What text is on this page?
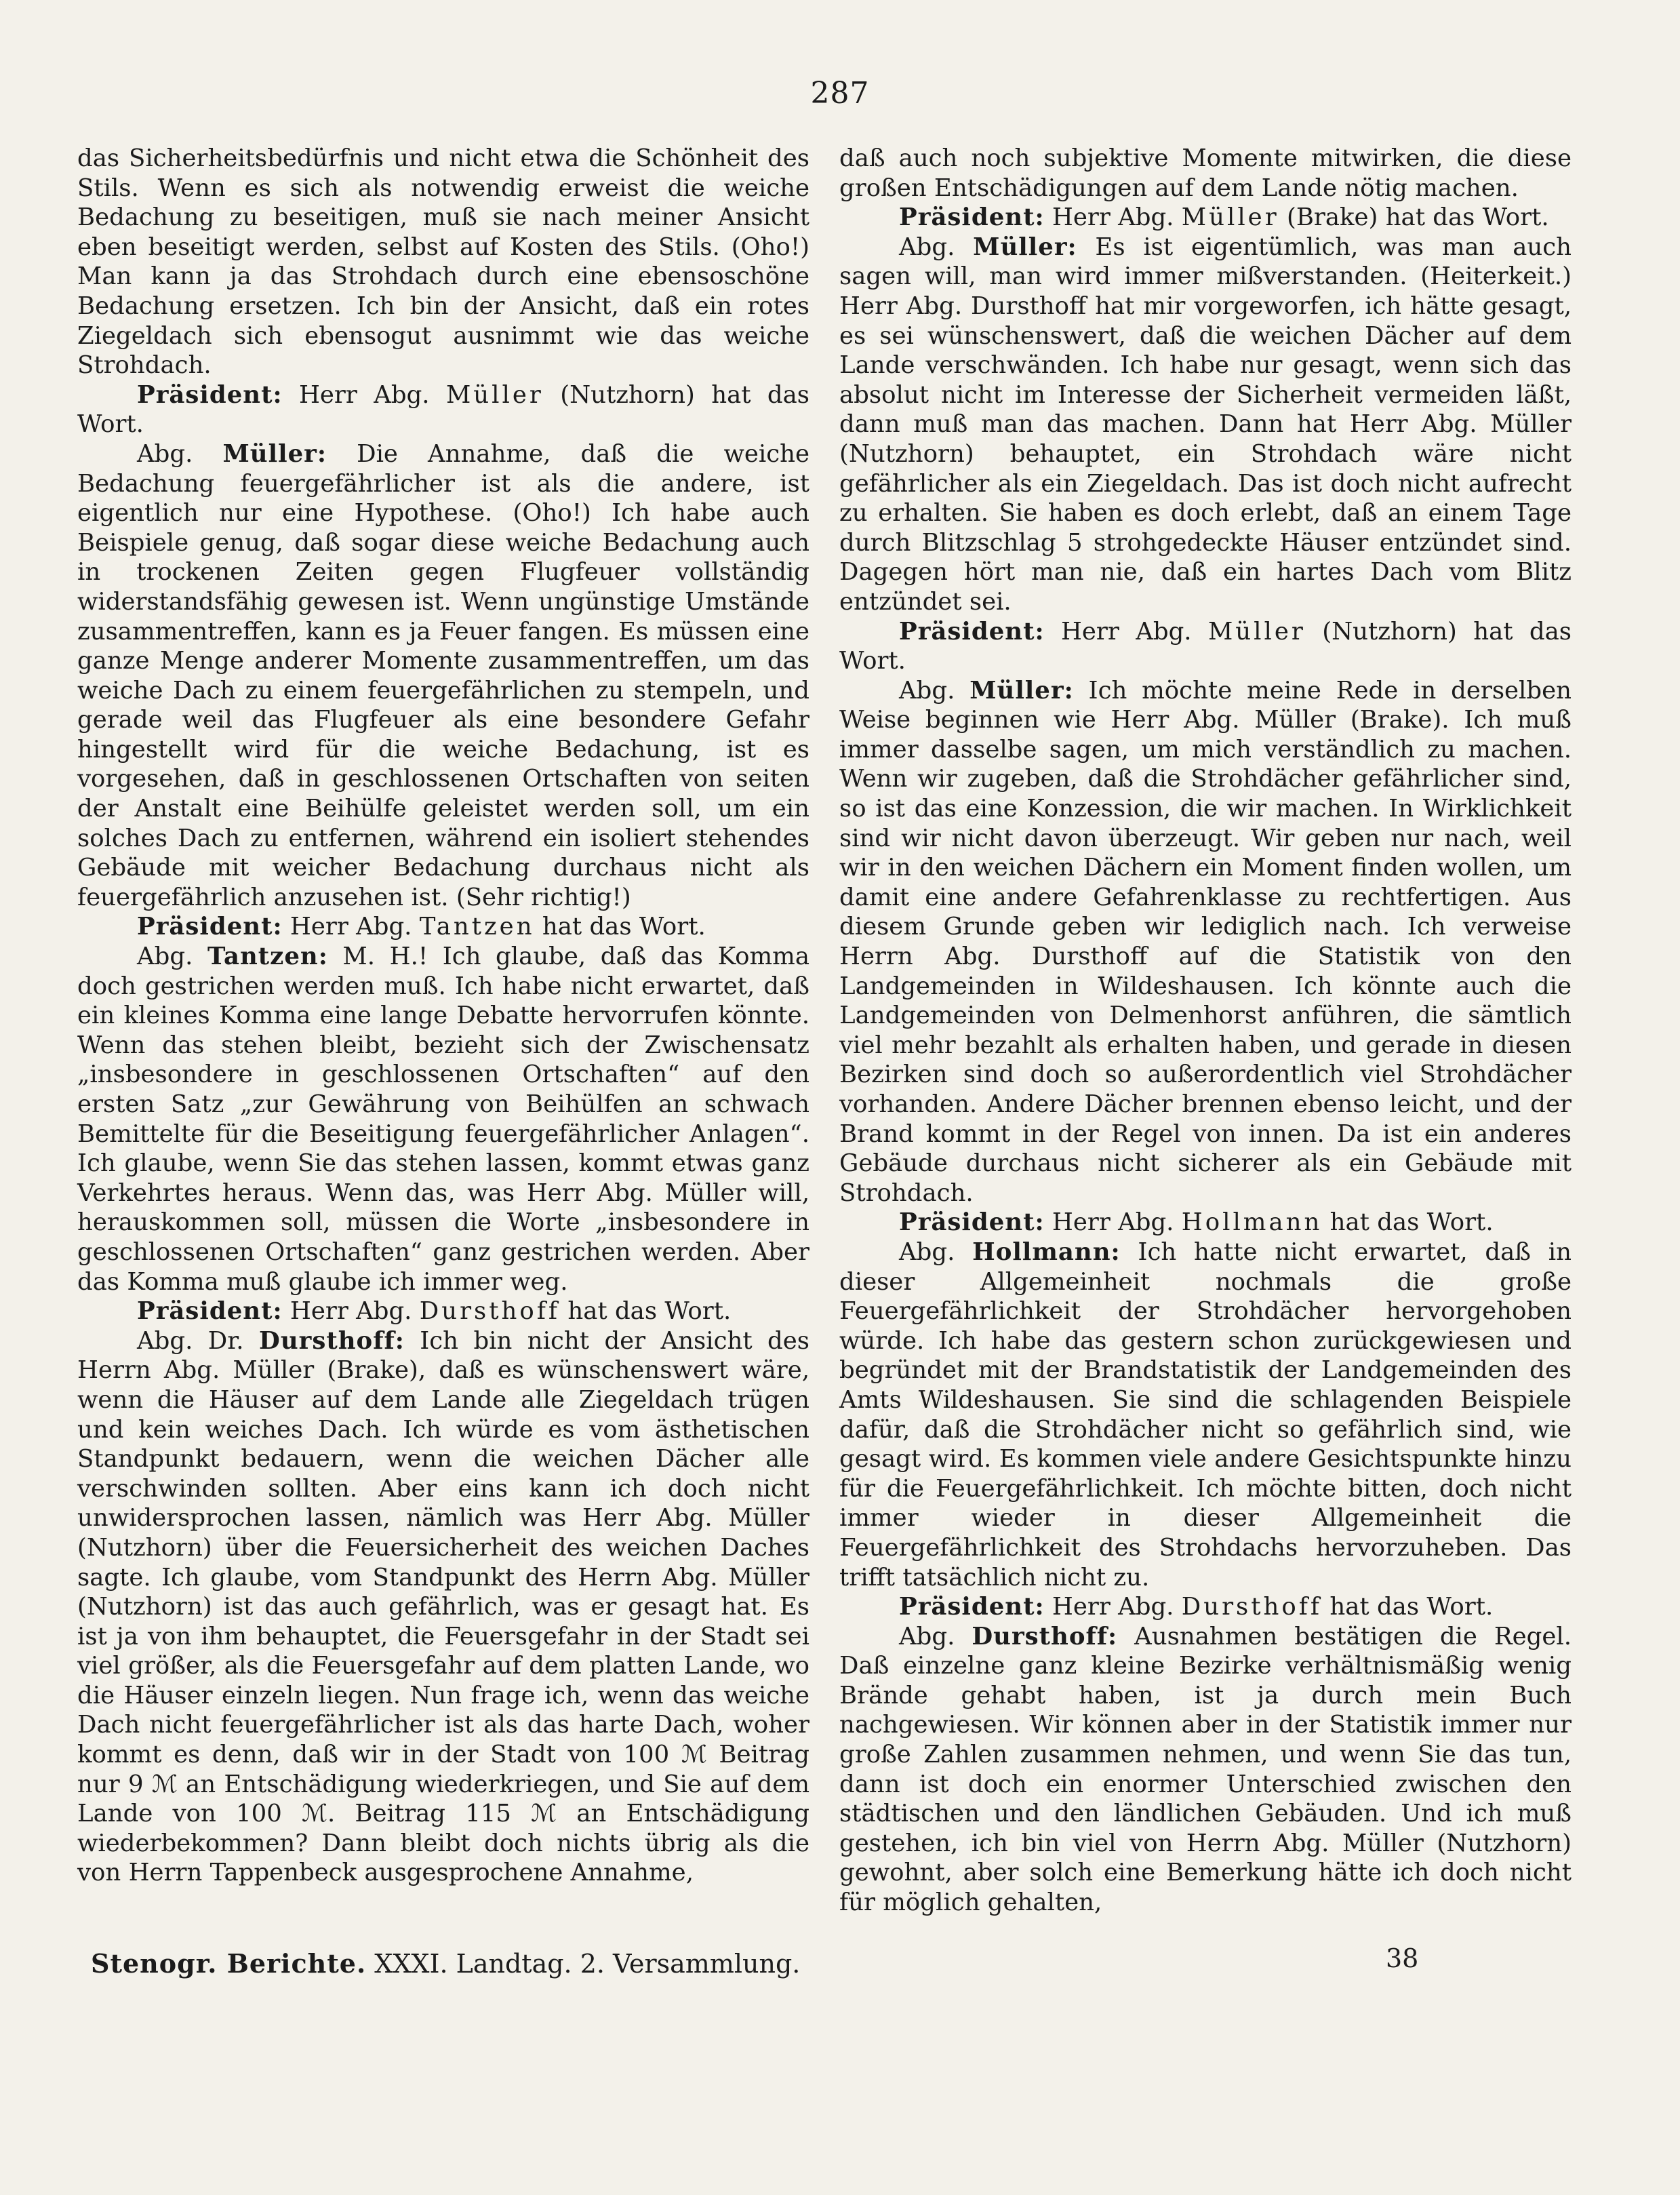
287

das Sicherheitsbedürfnis und nicht etwa die Schönheit des Stils. Wenn es sich als notwendig erweist die weiche Bedachung zu beseitigen, muß sie nach meiner Ansicht eben beseitigt werden, selbst auf Kosten des Stils. (Oho!) Man kann ja das Strohdach durch eine ebensoschöne Bedachung ersetzen. Ich bin der Ansicht, daß ein rotes Ziegeldach sich ebensogut ausnimmt wie das weiche Strohdach.

Präsident: Herr Abg. Müller (Nutzhorn) hat das Wort.

Abg. Müller: Die Annahme, daß die weiche Bedachung feuergefährlicher ist als die andere, ist eigentlich nur eine Hypothese. (Oho!) Ich habe auch Beispiele genug, daß sogar diese weiche Bedachung auch in trockenen Zeiten gegen Flugfeuer vollständig widerstandsfähig gewesen ist. Wenn ungünstige Umstände zusammentreffen, kann es ja Feuer fangen. Es müssen eine ganze Menge anderer Momente zusammentreffen, um das weiche Dach zu einem feuergefährlichen zu stempeln, und gerade weil das Flugfeuer als eine besondere Gefahr hingestellt wird für die weiche Bedachung, ist es vorgesehen, daß in geschlossenen Ortschaften von seiten der Anstalt eine Beihülfe geleistet werden soll, um ein solches Dach zu entfernen, während ein isoliert stehendes Gebäude mit weicher Bedachung durchaus nicht als feuergefährlich anzusehen ist. (Sehr richtig!)

Präsident: Herr Abg. Tantzen hat das Wort.

Abg. Tantzen: M. H.! Ich glaube, daß das Komma doch gestrichen werden muß. Ich habe nicht erwartet, daß ein kleines Komma eine lange Debatte hervorrufen könnte. Wenn das stehen bleibt, bezieht sich der Zwischensatz „insbesondere in geschlossenen Ortschaften“ auf den ersten Satz „zur Gewährung von Beihülfen an schwach Bemittelte für die Beseitigung feuergefährlicher Anlagen“. Ich glaube, wenn Sie das stehen lassen, kommt etwas ganz Verkehrtes heraus. Wenn das, was Herr Abg. Müller will, herauskommen soll, müssen die Worte „insbesondere in geschlossenen Ortschaften“ ganz gestrichen werden. Aber das Komma muß glaube ich immer weg.

Präsident: Herr Abg. Dursthoff hat das Wort.

Abg. Dr. Dursthoff: Ich bin nicht der Ansicht des Herrn Abg. Müller (Brake), daß es wünschenswert wäre, wenn die Häuser auf dem Lande alle Ziegeldach trügen und kein weiches Dach. Ich würde es vom ästhetischen Standpunkt bedauern, wenn die weichen Dächer alle verschwinden sollten. Aber eins kann ich doch nicht unwidersprochen lassen, nämlich was Herr Abg. Müller (Nutzhorn) über die Feuersicherheit des weichen Daches sagte. Ich glaube, vom Standpunkt des Herrn Abg. Müller (Nutzhorn) ist das auch gefährlich, was er gesagt hat. Es ist ja von ihm behauptet, die Feuersgefahr in der Stadt sei viel größer, als die Feuersgefahr auf dem platten Lande, wo die Häuser einzeln liegen. Nun frage ich, wenn das weiche Dach nicht feuergefährlicher ist als das harte Dach, woher kommt es denn, daß wir in der Stadt von 100 ℳ Beitrag nur 9 ℳ an Entschädigung wiederkriegen, und Sie auf dem Lande von 100 ℳ. Beitrag 115 ℳ an Entschädigung wiederbekommen? Dann bleibt doch nichts übrig als die von Herrn Tappenbeck ausgesprochene Annahme,

daß auch noch subjektive Momente mitwirken, die diese großen Entschädigungen auf dem Lande nötig machen.

Präsident: Herr Abg. Müller (Brake) hat das Wort.

Abg. Müller: Es ist eigentümlich, was man auch sagen will, man wird immer mißverstanden. (Heiterkeit.) Herr Abg. Dursthoff hat mir vorgeworfen, ich hätte gesagt, es sei wünschenswert, daß die weichen Dächer auf dem Lande verschwänden. Ich habe nur gesagt, wenn sich das absolut nicht im Interesse der Sicherheit vermeiden läßt, dann muß man das machen. Dann hat Herr Abg. Müller (Nutzhorn) behauptet, ein Strohdach wäre nicht gefährlicher als ein Ziegeldach. Das ist doch nicht aufrecht zu erhalten. Sie haben es doch erlebt, daß an einem Tage durch Blitzschlag 5 strohgedeckte Häuser entzündet sind. Dagegen hört man nie, daß ein hartes Dach vom Blitz entzündet sei.

Präsident: Herr Abg. Müller (Nutzhorn) hat das Wort.

Abg. Müller: Ich möchte meine Rede in derselben Weise beginnen wie Herr Abg. Müller (Brake). Ich muß immer dasselbe sagen, um mich verständlich zu machen. Wenn wir zugeben, daß die Strohdächer gefährlicher sind, so ist das eine Konzession, die wir machen. In Wirklichkeit sind wir nicht davon überzeugt. Wir geben nur nach, weil wir in den weichen Dächern ein Moment finden wollen, um damit eine andere Gefahrenklasse zu rechtfertigen. Aus diesem Grunde geben wir lediglich nach. Ich verweise Herrn Abg. Dursthoff auf die Statistik von den Landgemeinden in Wildeshausen. Ich könnte auch die Landgemeinden von Delmenhorst anführen, die sämtlich viel mehr bezahlt als erhalten haben, und gerade in diesen Bezirken sind doch so außerordentlich viel Strohdächer vorhanden. Andere Dächer brennen ebenso leicht, und der Brand kommt in der Regel von innen. Da ist ein anderes Gebäude durchaus nicht sicherer als ein Gebäude mit Strohdach.

Präsident: Herr Abg. Hollmann hat das Wort.

Abg. Hollmann: Ich hatte nicht erwartet, daß in dieser Allgemeinheit nochmals die große Feuergefährlichkeit der Strohdächer hervorgehoben würde. Ich habe das gestern schon zurückgewiesen und begründet mit der Brandstatistik der Landgemeinden des Amts Wildeshausen. Sie sind die schlagenden Beispiele dafür, daß die Strohdächer nicht so gefährlich sind, wie gesagt wird. Es kommen viele andere Gesichtspunkte hinzu für die Feuergefährlichkeit. Ich möchte bitten, doch nicht immer wieder in dieser Allgemeinheit die Feuergefährlichkeit des Strohdachs hervorzuheben. Das trifft tatsächlich nicht zu.

Präsident: Herr Abg. Dursthoff hat das Wort.

Abg. Dursthoff: Ausnahmen bestätigen die Regel. Daß einzelne ganz kleine Bezirke verhältnismäßig wenig Brände gehabt haben, ist ja durch mein Buch nachgewiesen. Wir können aber in der Statistik immer nur große Zahlen zusammen nehmen, und wenn Sie das tun, dann ist doch ein enormer Unterschied zwischen den städtischen und den ländlichen Gebäuden. Und ich muß gestehen, ich bin viel von Herrn Abg. Müller (Nutzhorn) gewohnt, aber solch eine Bemerkung hätte ich doch nicht für möglich gehalten,

Stenogr. Berichte. XXXI. Landtag. 2. Versammlung.	38
